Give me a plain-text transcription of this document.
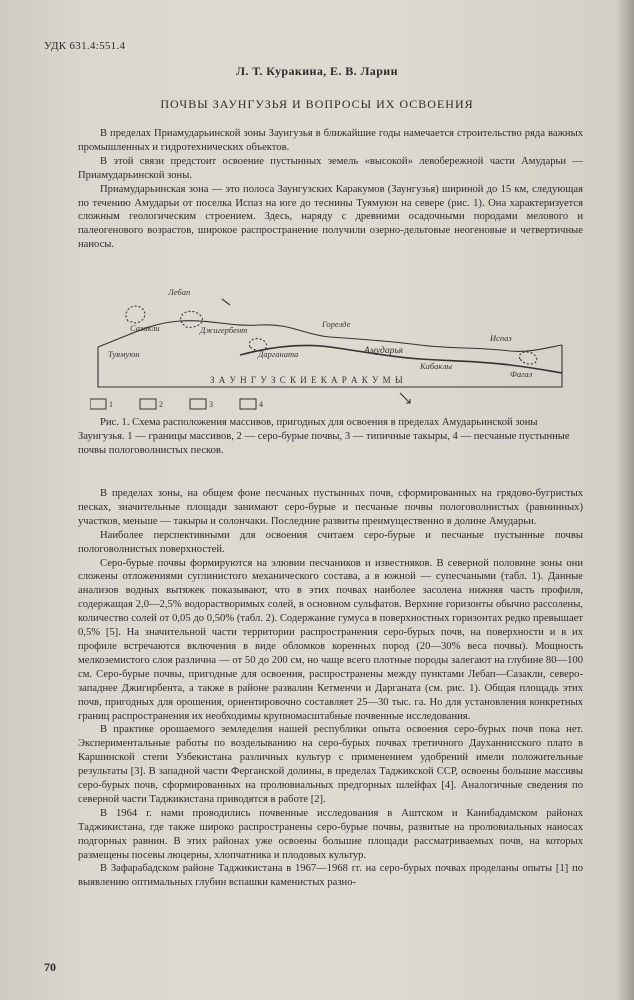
УДК 631.4:551.4
Л. Т. Куракина, Е. В. Ларин
ПОЧВЫ ЗАУНГУЗЬЯ И ВОПРОСЫ ИХ ОСВОЕНИЯ

В пределах Приамударьинской зоны Заунгузья в ближайшие годы намечается строительство ряда важных промышленных и гидротехнических объектов.

В этой связи предстоит освоение пустынных земель «высокой» левобережной части Амударьи — Приамударьинской зоны.

Приамударьинская зона — это полоса Заунгузских Каракумов (Заунгузья) шириной до 15 км, следующая по течению Амударьи от поселка Испаз на юге до теснины Туямуюн на севере (рис. 1). Она характеризуется сложным геологическим строением. Здесь, наряду с древними осадочными породами мелового и палеогенового возрастов, широкое распространение получили озерно-дельтовые неогеновые и четвертичные наносы.

Лебап
Сазакли	Джигербент
Туямуюн	Дарганата
Горелде
Амударья
Испаз
Кабаклы
Фагал
З А У Н Г У З С К И Е К А Р А К У М Ы
1	2	3	4

Рис. 1. Схема расположения массивов, пригодных для освоения в пределах Амударьинской зоны Заунгузья. 1 — границы массивов, 2 — серо-бурые почвы, 3 — типичные такыры, 4 — песчаные пустынные почвы пологоволнистых песков.

В пределах зоны, на общем фоне песчаных пустынных почв, сформированных на грядово-бугристых песках, значительные площади занимают серо-бурые и песчаные почвы пологоволнистых (равнинных) участков, меньше — такыры и солончаки. Последние развиты преимущественно в долине Амударьи.

Наиболее перспективными для освоения считаем серо-бурые и песчаные пустынные почвы пологоволнистых поверхностей.

Серо-бурые почвы формируются на элювии песчаников и известняков. В северной половине зоны они сложены отложениями суглинистого механического состава, а в южной — супесчаными (табл. 1). Данные анализов водных вытяжек показывают, что в этих почвах наиболее засолена нижняя часть профиля, содержащая 2,0—2,5% водорастворимых солей, в основном сульфатов. Верхние горизонты обычно рассолены, количество солей от 0,05 до 0,50% (табл. 2). Содержание гумуса в поверхностных горизонтах редко превышает 0,5% [5]. На значительной части территории распространения серо-бурых почв, на поверхности и в их профиле встречаются включения в виде обломков коренных пород (20—30% веса почвы). Мощность мелкоземистого слоя различна — от 50 до 200 см, но чаще всего плотные породы залегают на глубине 80—100 см. Серо-бурые почвы, пригодные для освоения, распространены между пунктами Лебап—Сазакли, северо-западнее Джигирбента, а также в районе развалин Кетменчи и Дарганата (см. рис. 1). Общая площадь этих почв, пригодных для орошения, ориентировочно составляет 25—30 тыс. га. Но для установления конкретных границ распространения их необходимы крупномасштабные почвенные исследования.

В практике орошаемого земледелия нашей республики опыта освоения серо-бурых почв пока нет. Экспериментальные работы по возделыванию на серо-бурых почвах третичного Дауханнисского плато в Каршинской степи Узбекистана различных культур с применением удобрений имели положительные результаты [3]. В западной части Ферганской долины, в пределах Таджикской ССР, освоены большие массивы серо-бурых почв, сформированных на пролювиальных предгорных шлейфах [4]. Аналогичные сведения по северной части Таджикистана приводятся в работе [2].

В 1964 г. нами проводились почвенные исследования в Аштском и Канибадамском районах Таджикистана, где также широко распространены серо-бурые почвы, развитые на пролювиальных наносах подгорных равнин. В этих районах уже освоены большие площади рассматриваемых почв, на которых размещены посевы люцерны, хлопчатника и плодовых культур.

В Зафарабадском районе Таджикистана в 1967—1968 гг. на серо-бурых почвах проделаны опыты [1] по выявлению оптимальных глубин вспашки каменистых разно-

70
